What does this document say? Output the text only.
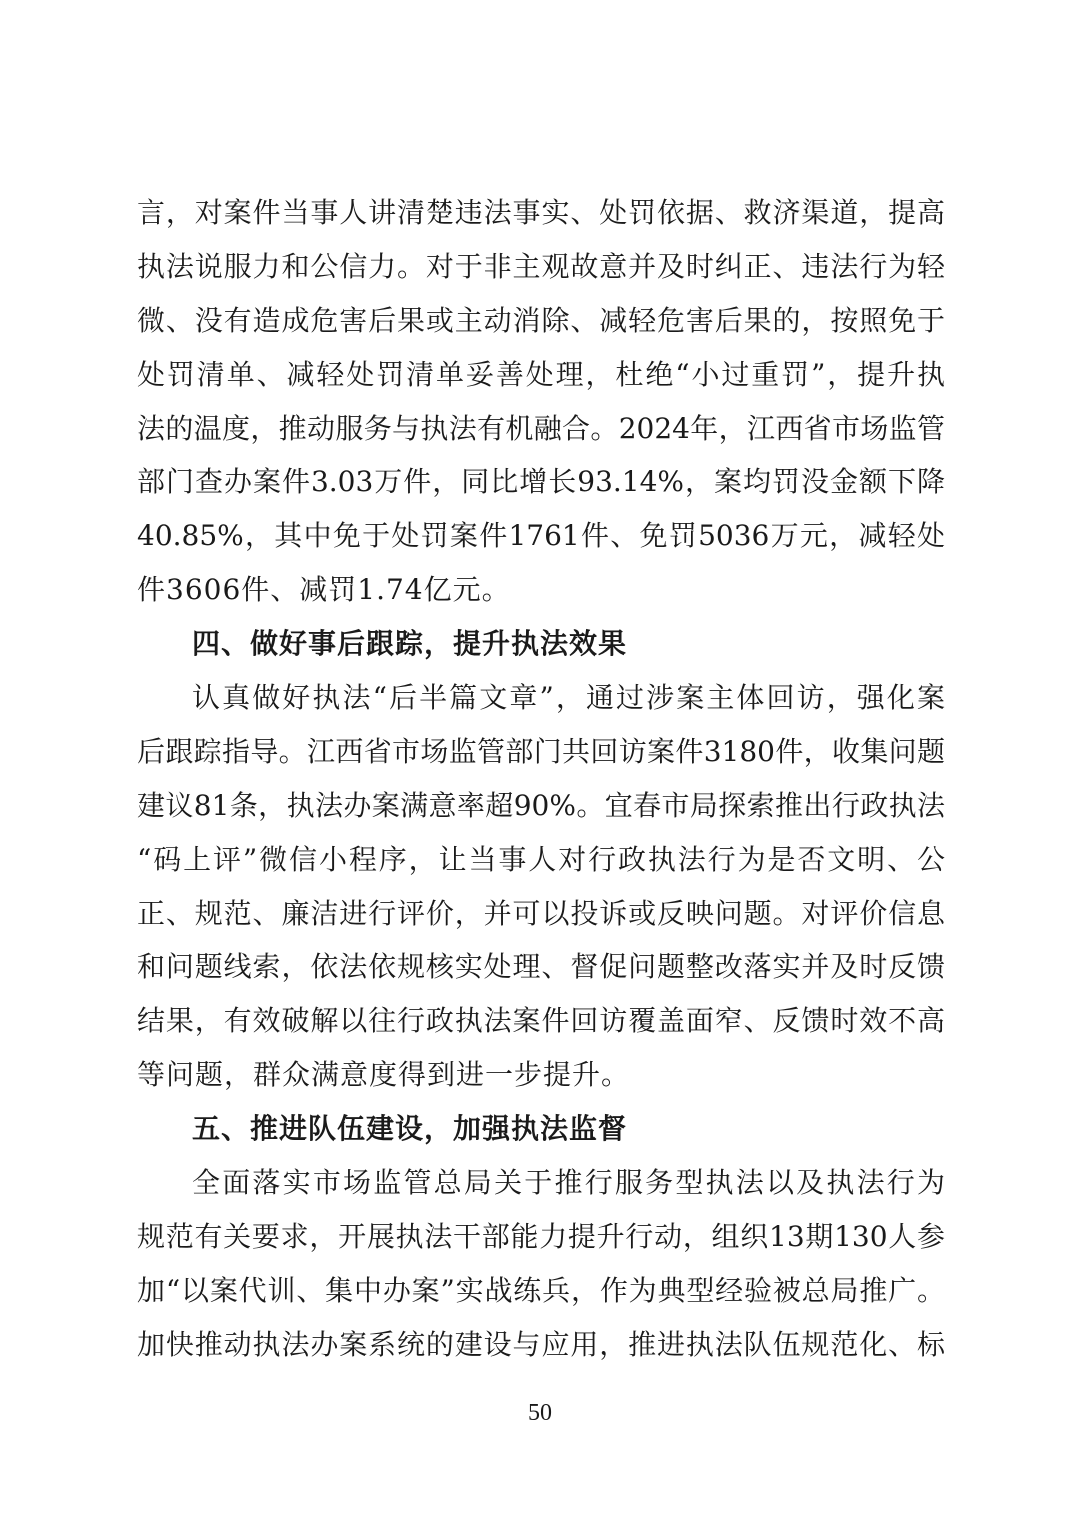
言，对案件当事人讲清楚违法事实、处罚依据、救济渠道，提高
执法说服力和公信力。对于非主观故意并及时纠正、违法行为轻
微、没有造成危害后果或主动消除、减轻危害后果的，按照免于
处罚清单、减轻处罚清单妥善处理，杜绝“小过重罚”，提升执
法的温度，推动服务与执法有机融合。2024年，江西省市场监管
部门查办案件3.03万件，同比增长93.14%，案均罚没金额下降
40.85%，其中免于处罚案件1761件、免罚5036万元，减轻处
件3606件、减罚1.74亿元。
四、做好事后跟踪，提升执法效果
认真做好执法“后半篇文章”，通过涉案主体回访，强化案
后跟踪指导。江西省市场监管部门共回访案件3180件，收集问题
建议81条，执法办案满意率超90%。宜春市局探索推出行政执法
“码上评”微信小程序，让当事人对行政执法行为是否文明、公
正、规范、廉洁进行评价，并可以投诉或反映问题。对评价信息
和问题线索，依法依规核实处理、督促问题整改落实并及时反馈
结果，有效破解以往行政执法案件回访覆盖面窄、反馈时效不高
等问题，群众满意度得到进一步提升。
五、推进队伍建设，加强执法监督
全面落实市场监管总局关于推行服务型执法以及执法行为
规范有关要求，开展执法干部能力提升行动，组织13期130人参
加“以案代训、集中办案”实战练兵，作为典型经验被总局推广。
加快推动执法办案系统的建设与应用，推进执法队伍规范化、标
50
